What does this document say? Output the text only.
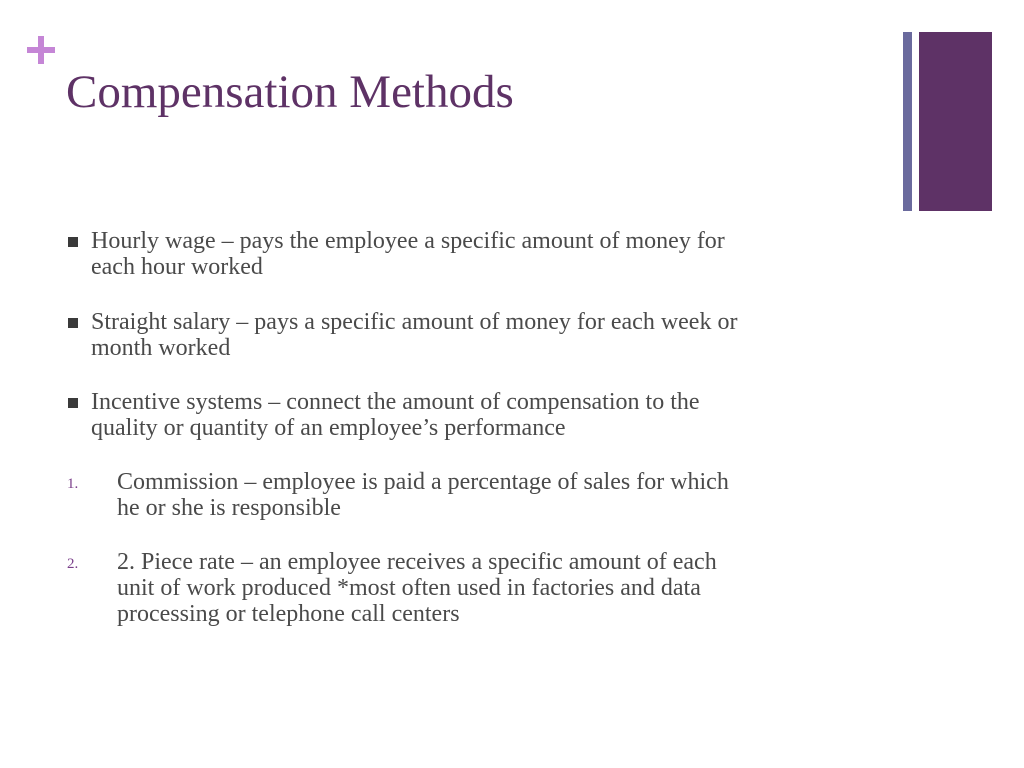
Compensation Methods
Hourly wage – pays the employee a specific amount of money for
each hour worked
Straight salary – pays a specific amount of money for each week or
month worked
Incentive systems – connect the amount of compensation to the
quality or quantity of an employee’s performance
1. Commission – employee is paid a percentage of sales for which
he or she is responsible
2. 2. Piece rate – an employee receives a specific amount of each
unit of work produced *most often used in factories and data
processing or telephone call centers
